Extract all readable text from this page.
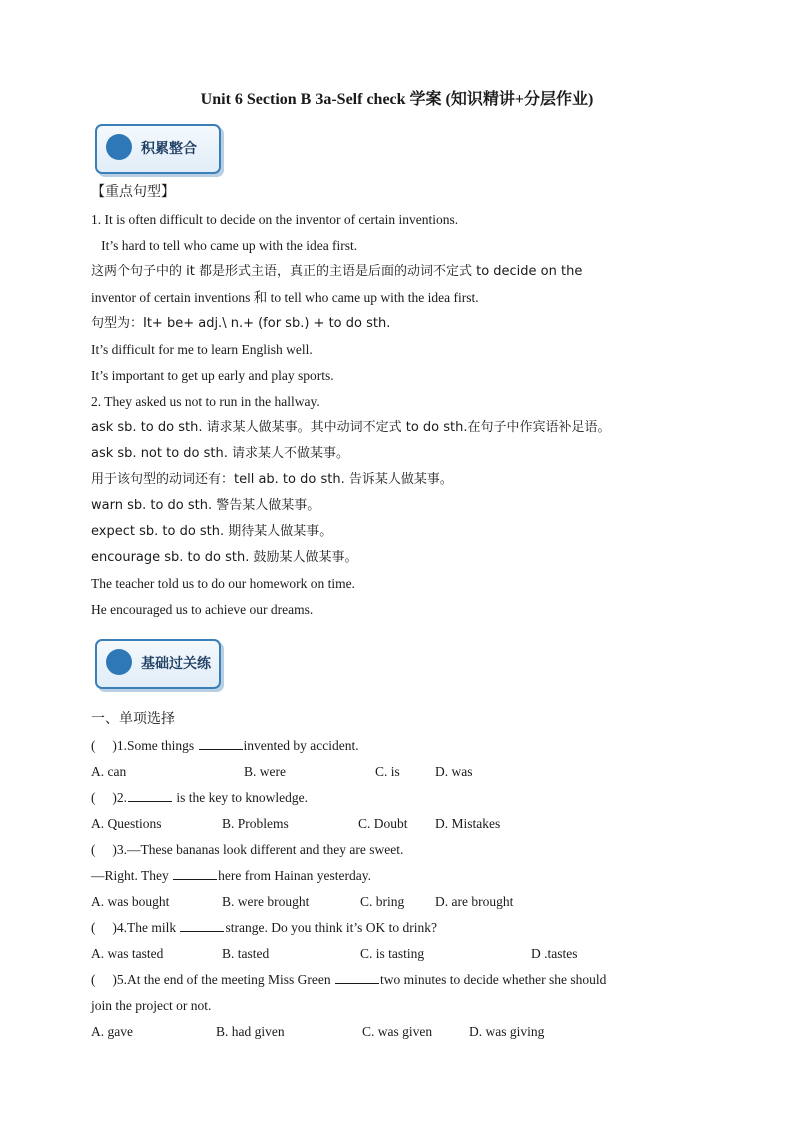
Unit 6 Section B 3a-Self check 学案 (知识精讲+分层作业)
积累整合
【重点句型】
1. It is often difficult to decide on the inventor of certain inventions.
It’s hard to tell who came up with the idea first.
这两个句子中的 it 都是形式主语，真正的主语是后面的动词不定式 to decide on the
inventor of certain inventions 和 to tell who came up with the idea first.
句型为：It+ be+ adj.\ n.+ (for sb.) + to do sth.
It’s difficult for me to learn English well.
It’s important to get up early and play sports.
2. They asked us not to run in the hallway.
ask sb. to do sth. 请求某人做某事。其中动词不定式 to do sth.在句子中作宾语补足语。
ask sb. not to do sth. 请求某人不做某事。
用于该句型的动词还有：tell ab. to do sth. 告诉某人做某事。
warn sb. to do sth. 警告某人做某事。
expect sb. to do sth. 期待某人做某事。
encourage sb. to do sth. 鼓励某人做某事。
The teacher told us to do our homework on time.
He encouraged us to achieve our dreams.
基础过关练
一、单项选择
(     )1.Some things	invented by accident.
A. can	B. were	C. is	D. was
(     )2.	is the key to knowledge.
A. Questions	B. Problems	C. Doubt D. Mistakes
(     )3.—These bananas look different and they are sweet.
—Right. They	here from Hainan yesterday.
A. was bought	B. were brought	C. bring D. are brought
(     )4.The milk	strange. Do you think it’s OK to drink?
A. was tasted	B. tasted	C. is tasting	D .tastes
(     )5.At the end of the meeting Miss Green	two minutes to decide whether she should
join the project or not.
A. gave	B. had given	C. was given	D. was giving
